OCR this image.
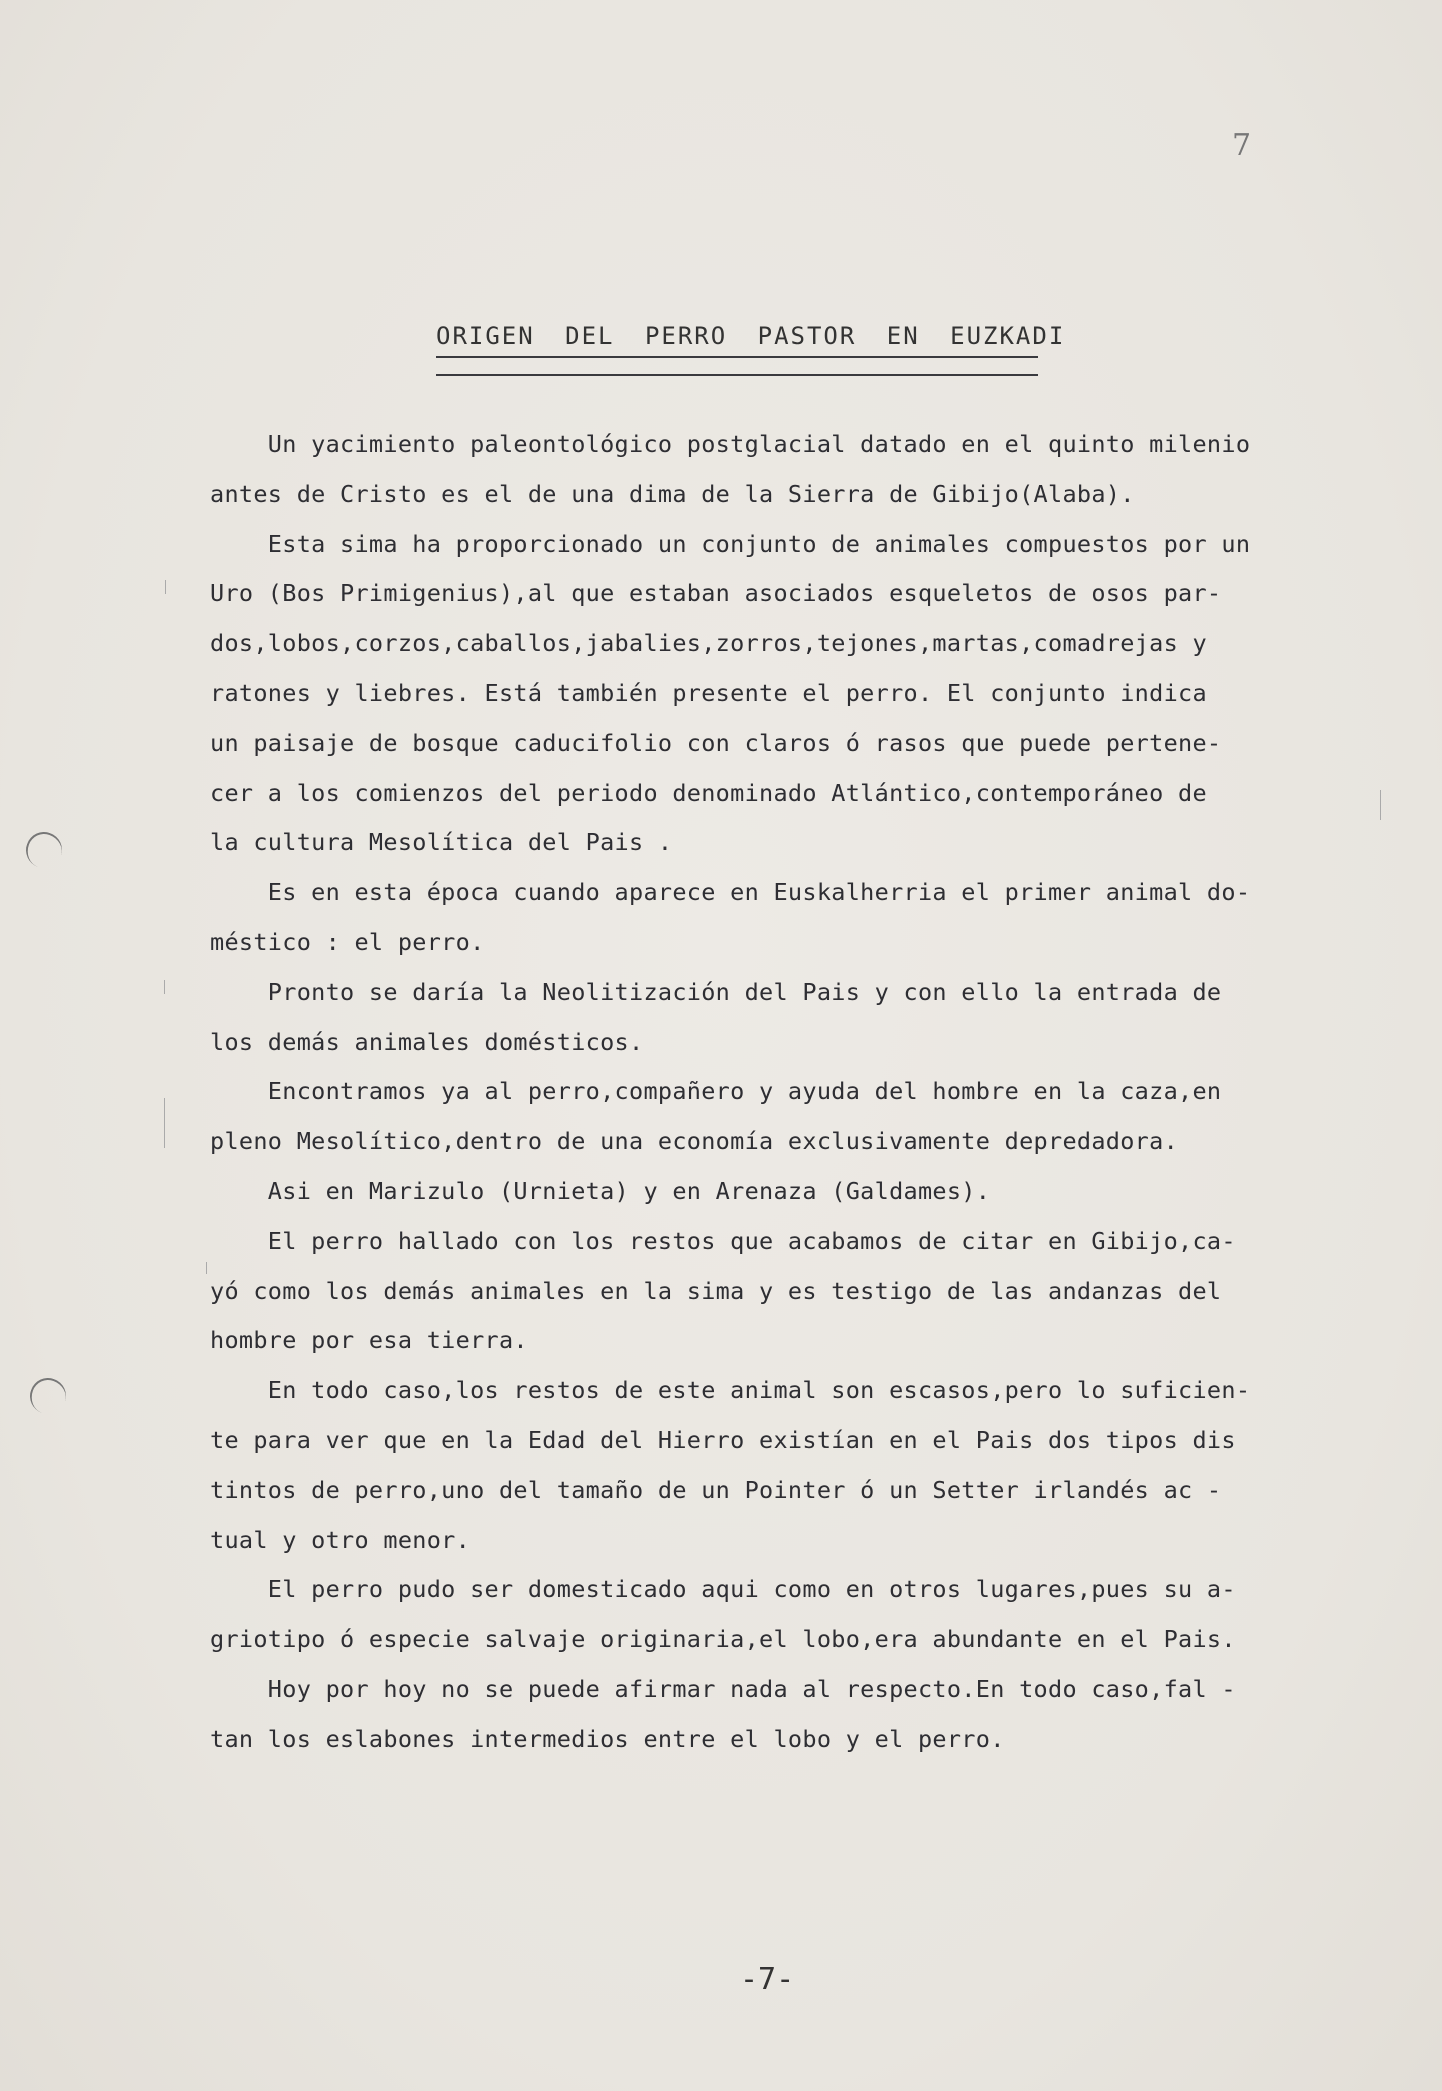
7
ORIGEN DEL PERRO PASTOR EN EUZKADI
Un yacimiento paleontológico postglacial datado en el quinto milenio
antes de Cristo es el de una dima de la Sierra de Gibijo(Alaba).
Esta sima ha proporcionado un conjunto de animales compuestos por un
Uro (Bos Primigenius),al que estaban asociados esqueletos de osos par-
dos,lobos,corzos,caballos,jabalies,zorros,tejones,martas,comadrejas y
ratones y liebres. Está también presente el perro. El conjunto indica
un paisaje de bosque caducifolio con claros ó rasos que puede pertene-
cer a los comienzos del periodo denominado Atlántico,contemporáneo de
la cultura Mesolítica del Pais .
Es en esta época cuando aparece en Euskalherria el primer animal do-
méstico : el perro.
Pronto se daría la Neolitización del Pais y con ello la entrada de
los demás animales domésticos.
Encontramos ya al perro,compañero y ayuda del hombre en la caza,en
pleno Mesolítico,dentro de una economía exclusivamente depredadora.
Asi en Marizulo (Urnieta) y en Arenaza (Galdames).
El perro hallado con los restos que acabamos de citar en Gibijo,ca-
yó como los demás animales en la sima y es testigo de las andanzas del
hombre por esa tierra.
En todo caso,los restos de este animal son escasos,pero lo suficien-
te para ver que en la Edad del Hierro existían en el Pais dos tipos dis
tintos de perro,uno del tamaño de un Pointer ó un Setter irlandés ac -
tual y otro menor.
El perro pudo ser domesticado aqui como en otros lugares,pues su a-
griotipo ó especie salvaje originaria,el lobo,era abundante en el Pais.
Hoy por hoy no se puede afirmar nada al respecto.En todo caso,fal -
tan los eslabones intermedios entre el lobo y el perro.
-7-
